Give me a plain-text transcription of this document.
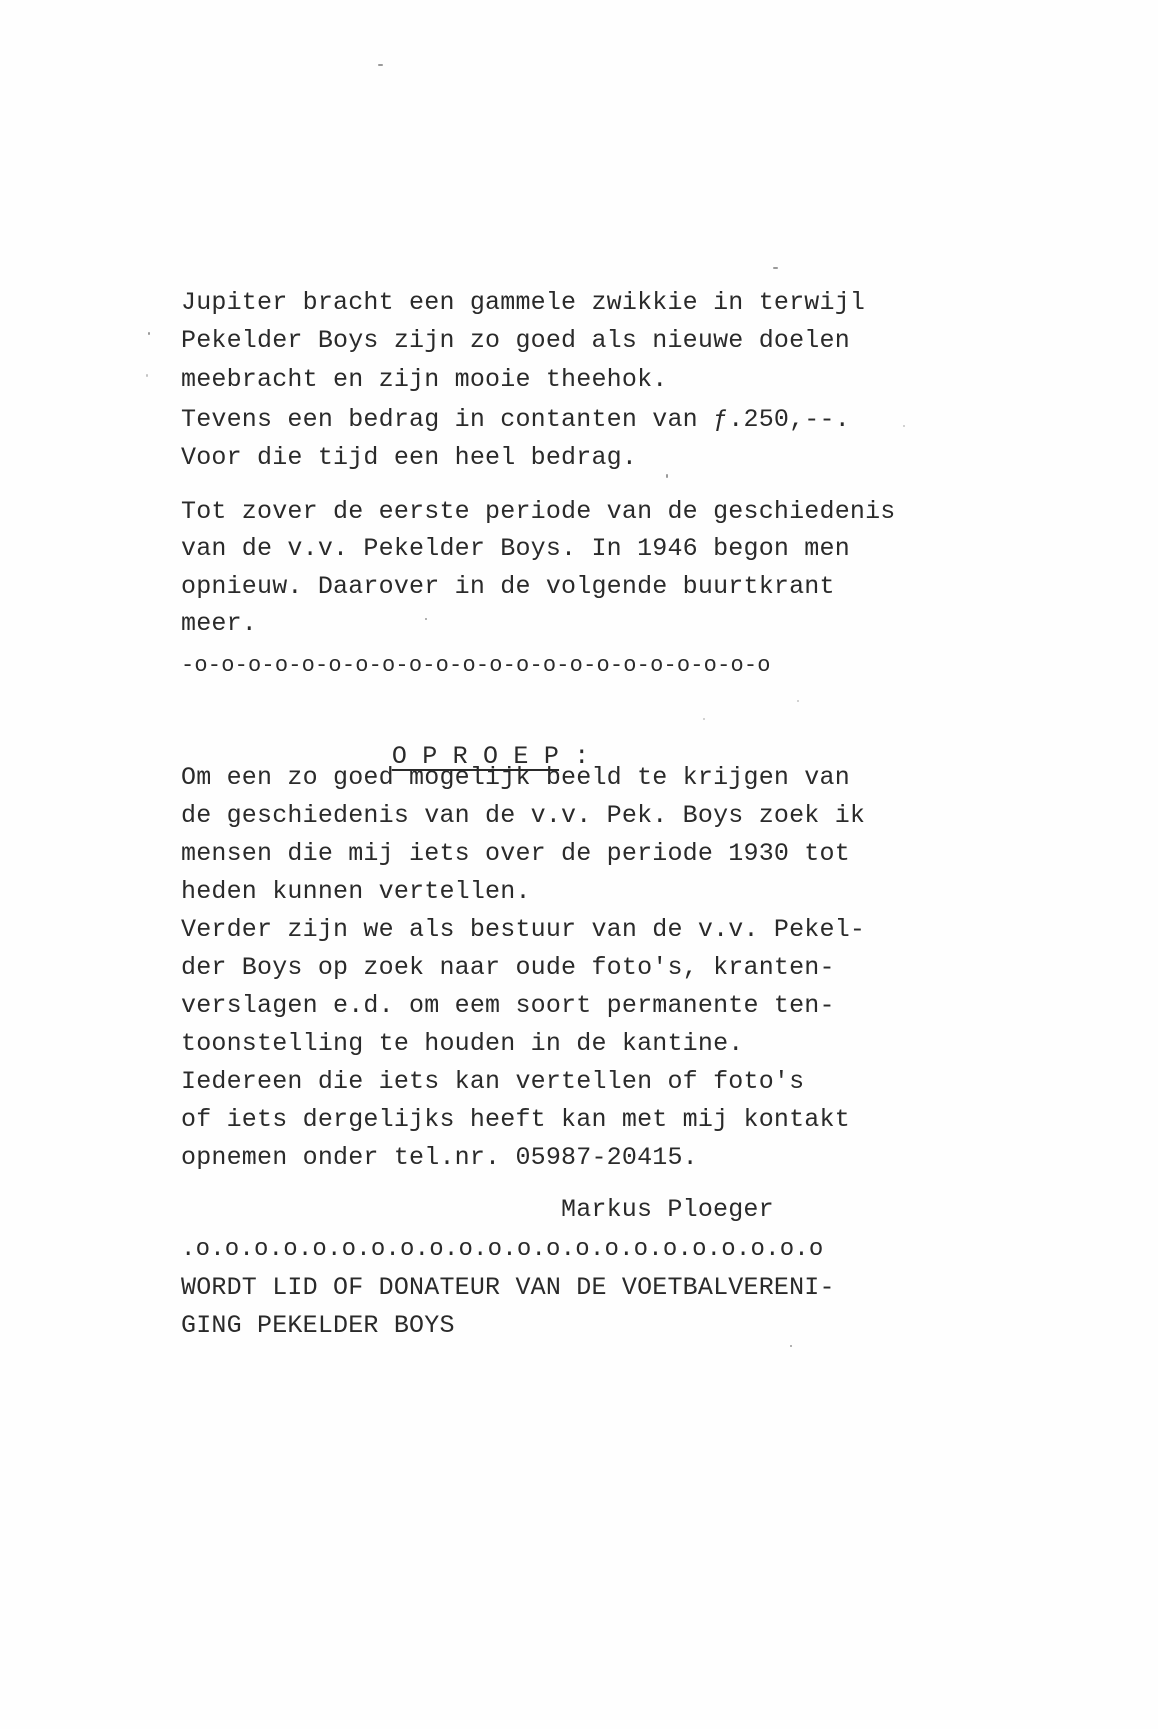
Jupiter bracht een gammele zwikkie in terwijl
Pekelder Boys zijn zo goed als nieuwe doelen
meebracht en zijn mooie theehok.
Tevens een bedrag in contanten van ƒ.250,--.
Voor die tijd een heel bedrag.
Tot zover de eerste periode van de geschiedenis
van de v.v. Pekelder Boys. In 1946 begon men
opnieuw. Daarover in de volgende buurtkrant
meer.
-o-o-o-o-o-o-o-o-o-o-o-o-o-o-o-o-o-o-o-o-o-o

O P R O E P :

Om een zo goed mogelijk beeld te krijgen van
de geschiedenis van de v.v. Pek. Boys zoek ik
mensen die mij iets over de periode 1930 tot
heden kunnen vertellen.
Verder zijn we als bestuur van de v.v. Pekel-
der Boys op zoek naar oude foto's, kranten-
verslagen e.d. om eem soort permanente ten-
toonstelling te houden in de kantine.
Iedereen die iets kan vertellen of foto's
of iets dergelijks heeft kan met mij kontakt
opnemen onder tel.nr. 05987-20415.
Markus Ploeger
.o.o.o.o.o.o.o.o.o.o.o.o.o.o.o.o.o.o.o.o.o.o
WORDT LID OF DONATEUR VAN DE VOETBALVERENI-
GING PEKELDER BOYS
